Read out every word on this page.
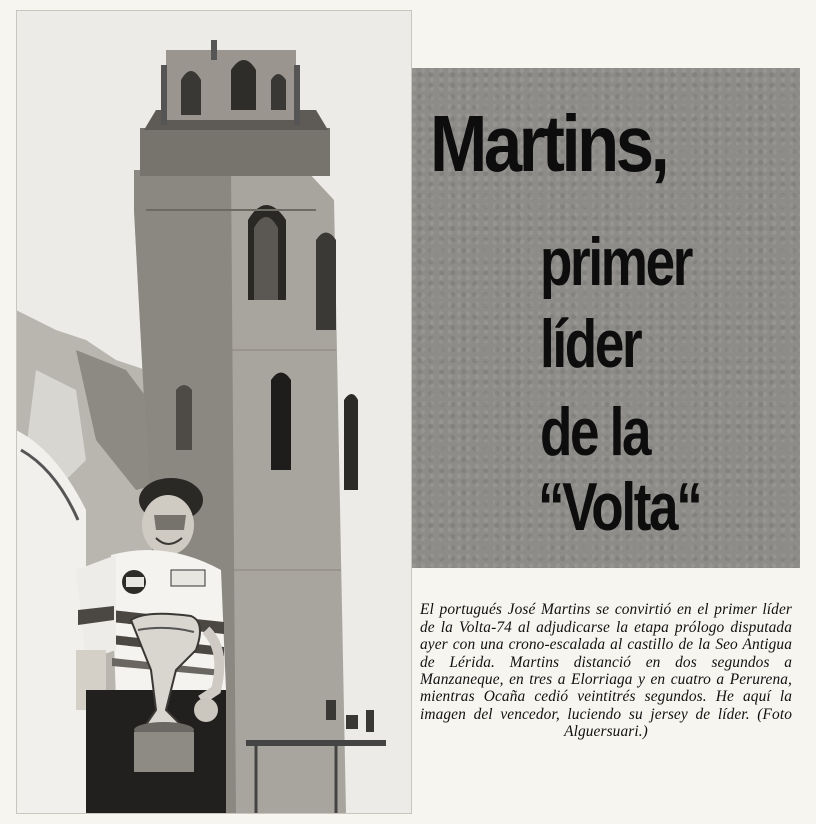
Martins,
primer
líder
de la
“Volta“

El portugués José Martins se convirtió en el primer líder de la Volta-74 al adjudicarse la etapa prólogo disputada ayer con una crono-escalada al castillo de la Seo Antigua de Lérida. Martins distanció en dos segundos a Manzaneque, en tres a Elorriaga y en cuatro a Perurena, mientras Ocaña cedió veintitrés segundos. He aquí la imagen del vencedor, luciendo su jersey de líder. (Foto Alguersuari.)
